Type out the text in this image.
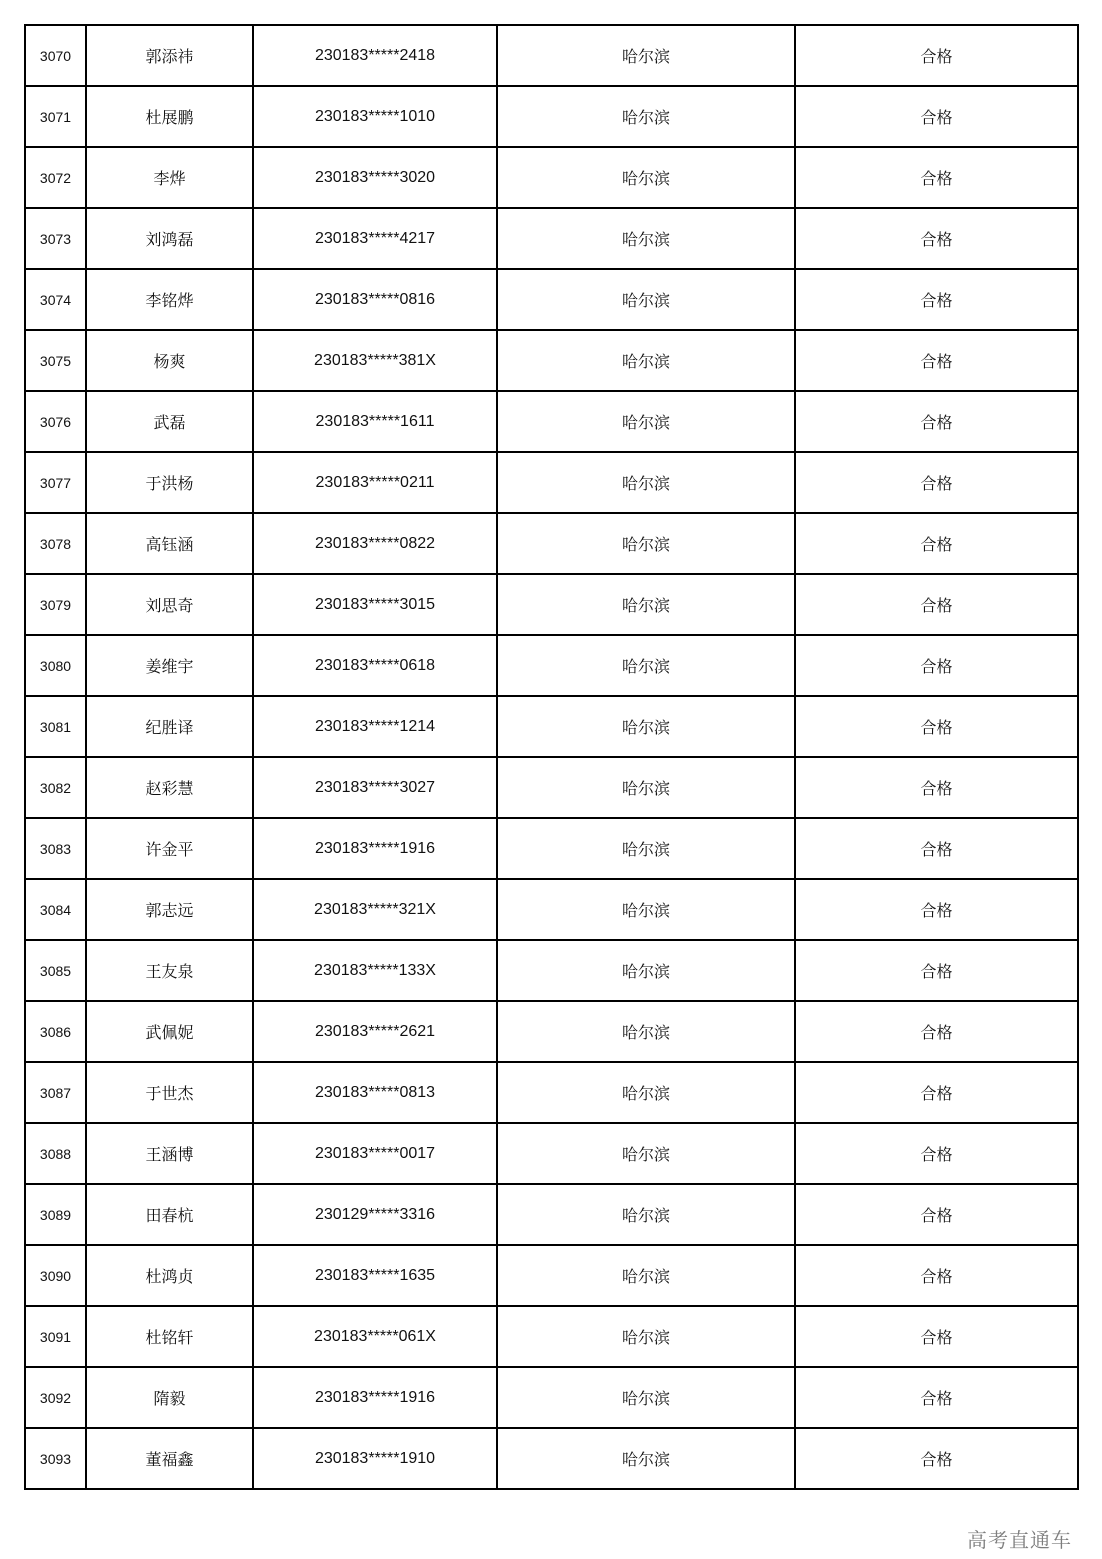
3070	郭添祎	230183*****2418	哈尔滨	合格
3071	杜展鹏	230183*****1010	哈尔滨	合格
3072	李烨	230183*****3020	哈尔滨	合格
3073	刘鸿磊	230183*****4217	哈尔滨	合格
3074	李铭烨	230183*****0816	哈尔滨	合格
3075	杨爽	230183*****381X	哈尔滨	合格
3076	武磊	230183*****1611	哈尔滨	合格
3077	于洪杨	230183*****0211	哈尔滨	合格
3078	高钰涵	230183*****0822	哈尔滨	合格
3079	刘思奇	230183*****3015	哈尔滨	合格
3080	姜维宇	230183*****0618	哈尔滨	合格
3081	纪胜译	230183*****1214	哈尔滨	合格
3082	赵彩慧	230183*****3027	哈尔滨	合格
3083	许金平	230183*****1916	哈尔滨	合格
3084	郭志远	230183*****321X	哈尔滨	合格
3085	王友泉	230183*****133X	哈尔滨	合格
3086	武佩妮	230183*****2621	哈尔滨	合格
3087	于世杰	230183*****0813	哈尔滨	合格
3088	王涵博	230183*****0017	哈尔滨	合格
3089	田春杭	230129*****3316	哈尔滨	合格
3090	杜鸿贞	230183*****1635	哈尔滨	合格
3091	杜铭轩	230183*****061X	哈尔滨	合格
3092	隋毅	230183*****1916	哈尔滨	合格
3093	董福鑫	230183*****1910	哈尔滨	合格
高考直通车
